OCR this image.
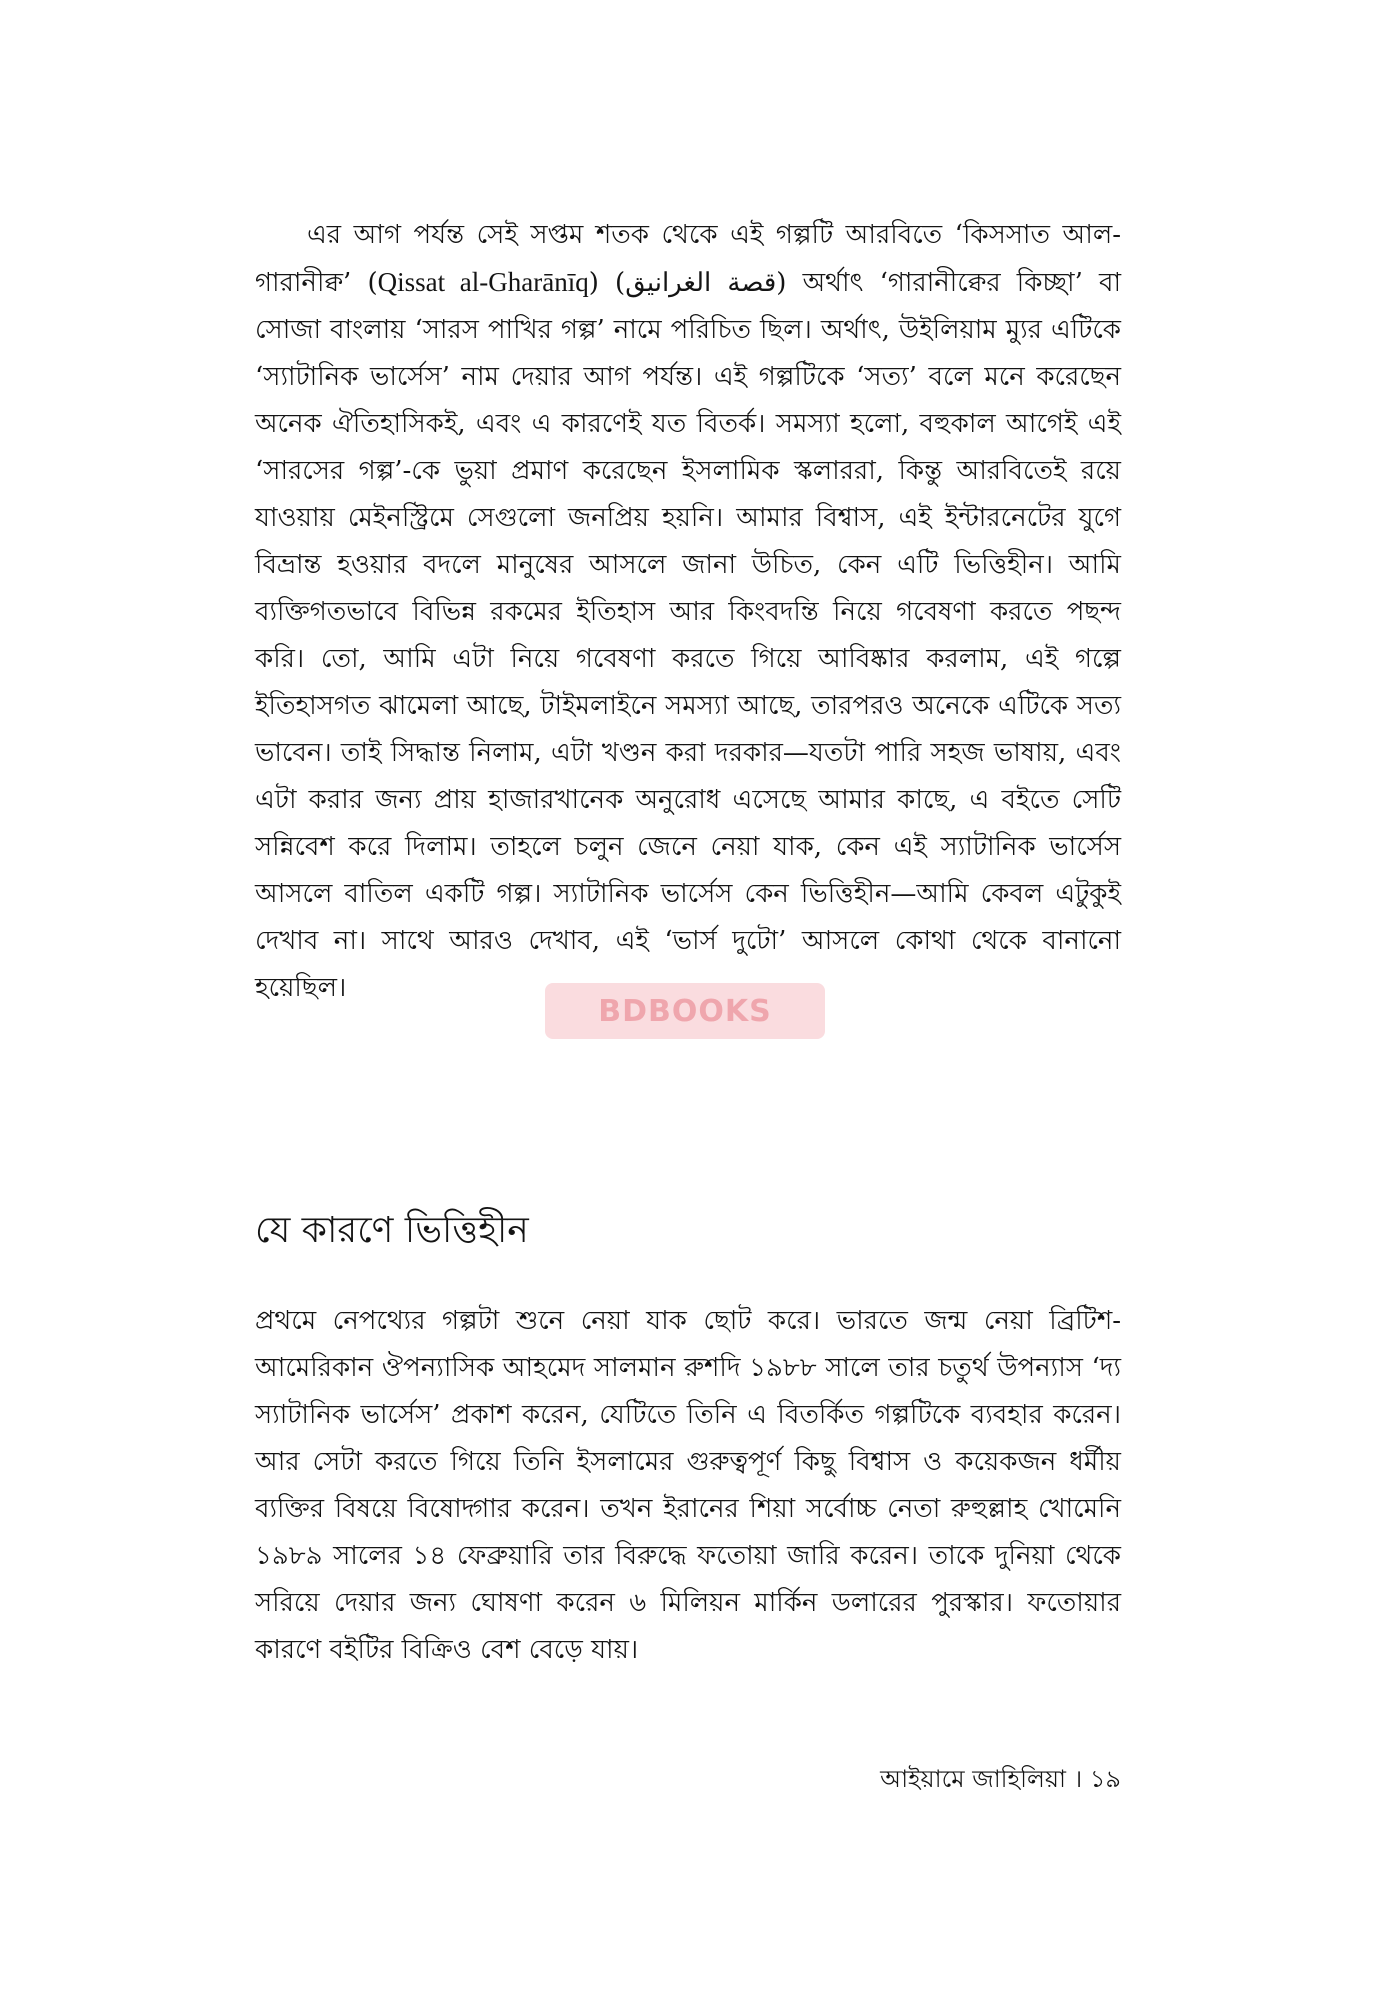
এর আগ পর্যন্ত সেই সপ্তম শতক থেকে এই গল্পটি আরবিতে ‘কিসসাত আল-গারানীক্ব’ (Qissat al-Gharānīq) (قصة الغرانيق) অর্থাৎ ‘গারানীক্বের কিচ্ছা’ বা সোজা বাংলায় ‘সারস পাখির গল্প’ নামে পরিচিত ছিল। অর্থাৎ, উইলিয়াম ম্যুর এটিকে ‘স্যাটানিক ভার্সেস’ নাম দেয়ার আগ পর্যন্ত। এই গল্পটিকে ‘সত্য’ বলে মনে করেছেন অনেক ঐতিহাসিকই, এবং এ কারণেই যত বিতর্ক। সমস্যা হলো, বহুকাল আগেই এই ‘সারসের গল্প’-কে ভুয়া প্রমাণ করেছেন ইসলামিক স্কলাররা, কিন্তু আরবিতেই রয়ে যাওয়ায় মেইনস্ট্রিমে সেগুলো জনপ্রিয় হয়নি। আমার বিশ্বাস, এই ইন্টারনেটের যুগে বিভ্রান্ত হওয়ার বদলে মানুষের আসলে জানা উচিত, কেন এটি ভিত্তিহীন। আমি ব্যক্তিগতভাবে বিভিন্ন রকমের ইতিহাস আর কিংবদন্তি নিয়ে গবেষণা করতে পছন্দ করি। তো, আমি এটা নিয়ে গবেষণা করতে গিয়ে আবিষ্কার করলাম, এই গল্পে ইতিহাসগত ঝামেলা আছে, টাইমলাইনে সমস্যা আছে, তারপরও অনেকে এটিকে সত্য ভাবেন। তাই সিদ্ধান্ত নিলাম, এটা খণ্ডন করা দরকার—যতটা পারি সহজ ভাষায়, এবং এটা করার জন্য প্রায় হাজারখানেক অনুরোধ এসেছে আমার কাছে, এ বইতে সেটি সন্নিবেশ করে দিলাম। তাহলে চলুন জেনে নেয়া যাক, কেন এই স্যাটানিক ভার্সেস আসলে বাতিল একটি গল্প। স্যাটানিক ভার্সেস কেন ভিত্তিহীন—আমি কেবল এটুকুই দেখাব না। সাথে আরও দেখাব, এই ‘ভার্স দুটো’ আসলে কোথা থেকে বানানো হয়েছিল।

যে কারণে ভিত্তিহীন

প্রথমে নেপথ্যের গল্পটা শুনে নেয়া যাক ছোট করে। ভারতে জন্ম নেয়া ব্রিটিশ-আমেরিকান ঔপন্যাসিক আহমেদ সালমান রুশদি ১৯৮৮ সালে তার চতুর্থ উপন্যাস ‘দ্য স্যাটানিক ভার্সেস’ প্রকাশ করেন, যেটিতে তিনি এ বিতর্কিত গল্পটিকে ব্যবহার করেন। আর সেটা করতে গিয়ে তিনি ইসলামের গুরুত্বপূর্ণ কিছু বিশ্বাস ও কয়েকজন ধর্মীয় ব্যক্তির বিষয়ে বিষোদ্গার করেন। তখন ইরানের শিয়া সর্বোচ্চ নেতা রুহুল্লাহ খোমেনি ১৯৮৯ সালের ১৪ ফেব্রুয়ারি তার বিরুদ্ধে ফতোয়া জারি করেন। তাকে দুনিয়া থেকে সরিয়ে দেয়ার জন্য ঘোষণা করেন ৬ মিলিয়ন মার্কিন ডলারের পুরস্কার। ফতোয়ার কারণে বইটির বিক্রিও বেশ বেড়ে যায়।

BDBOOKS

আইয়ামে জাহিলিয়া । ১৯
